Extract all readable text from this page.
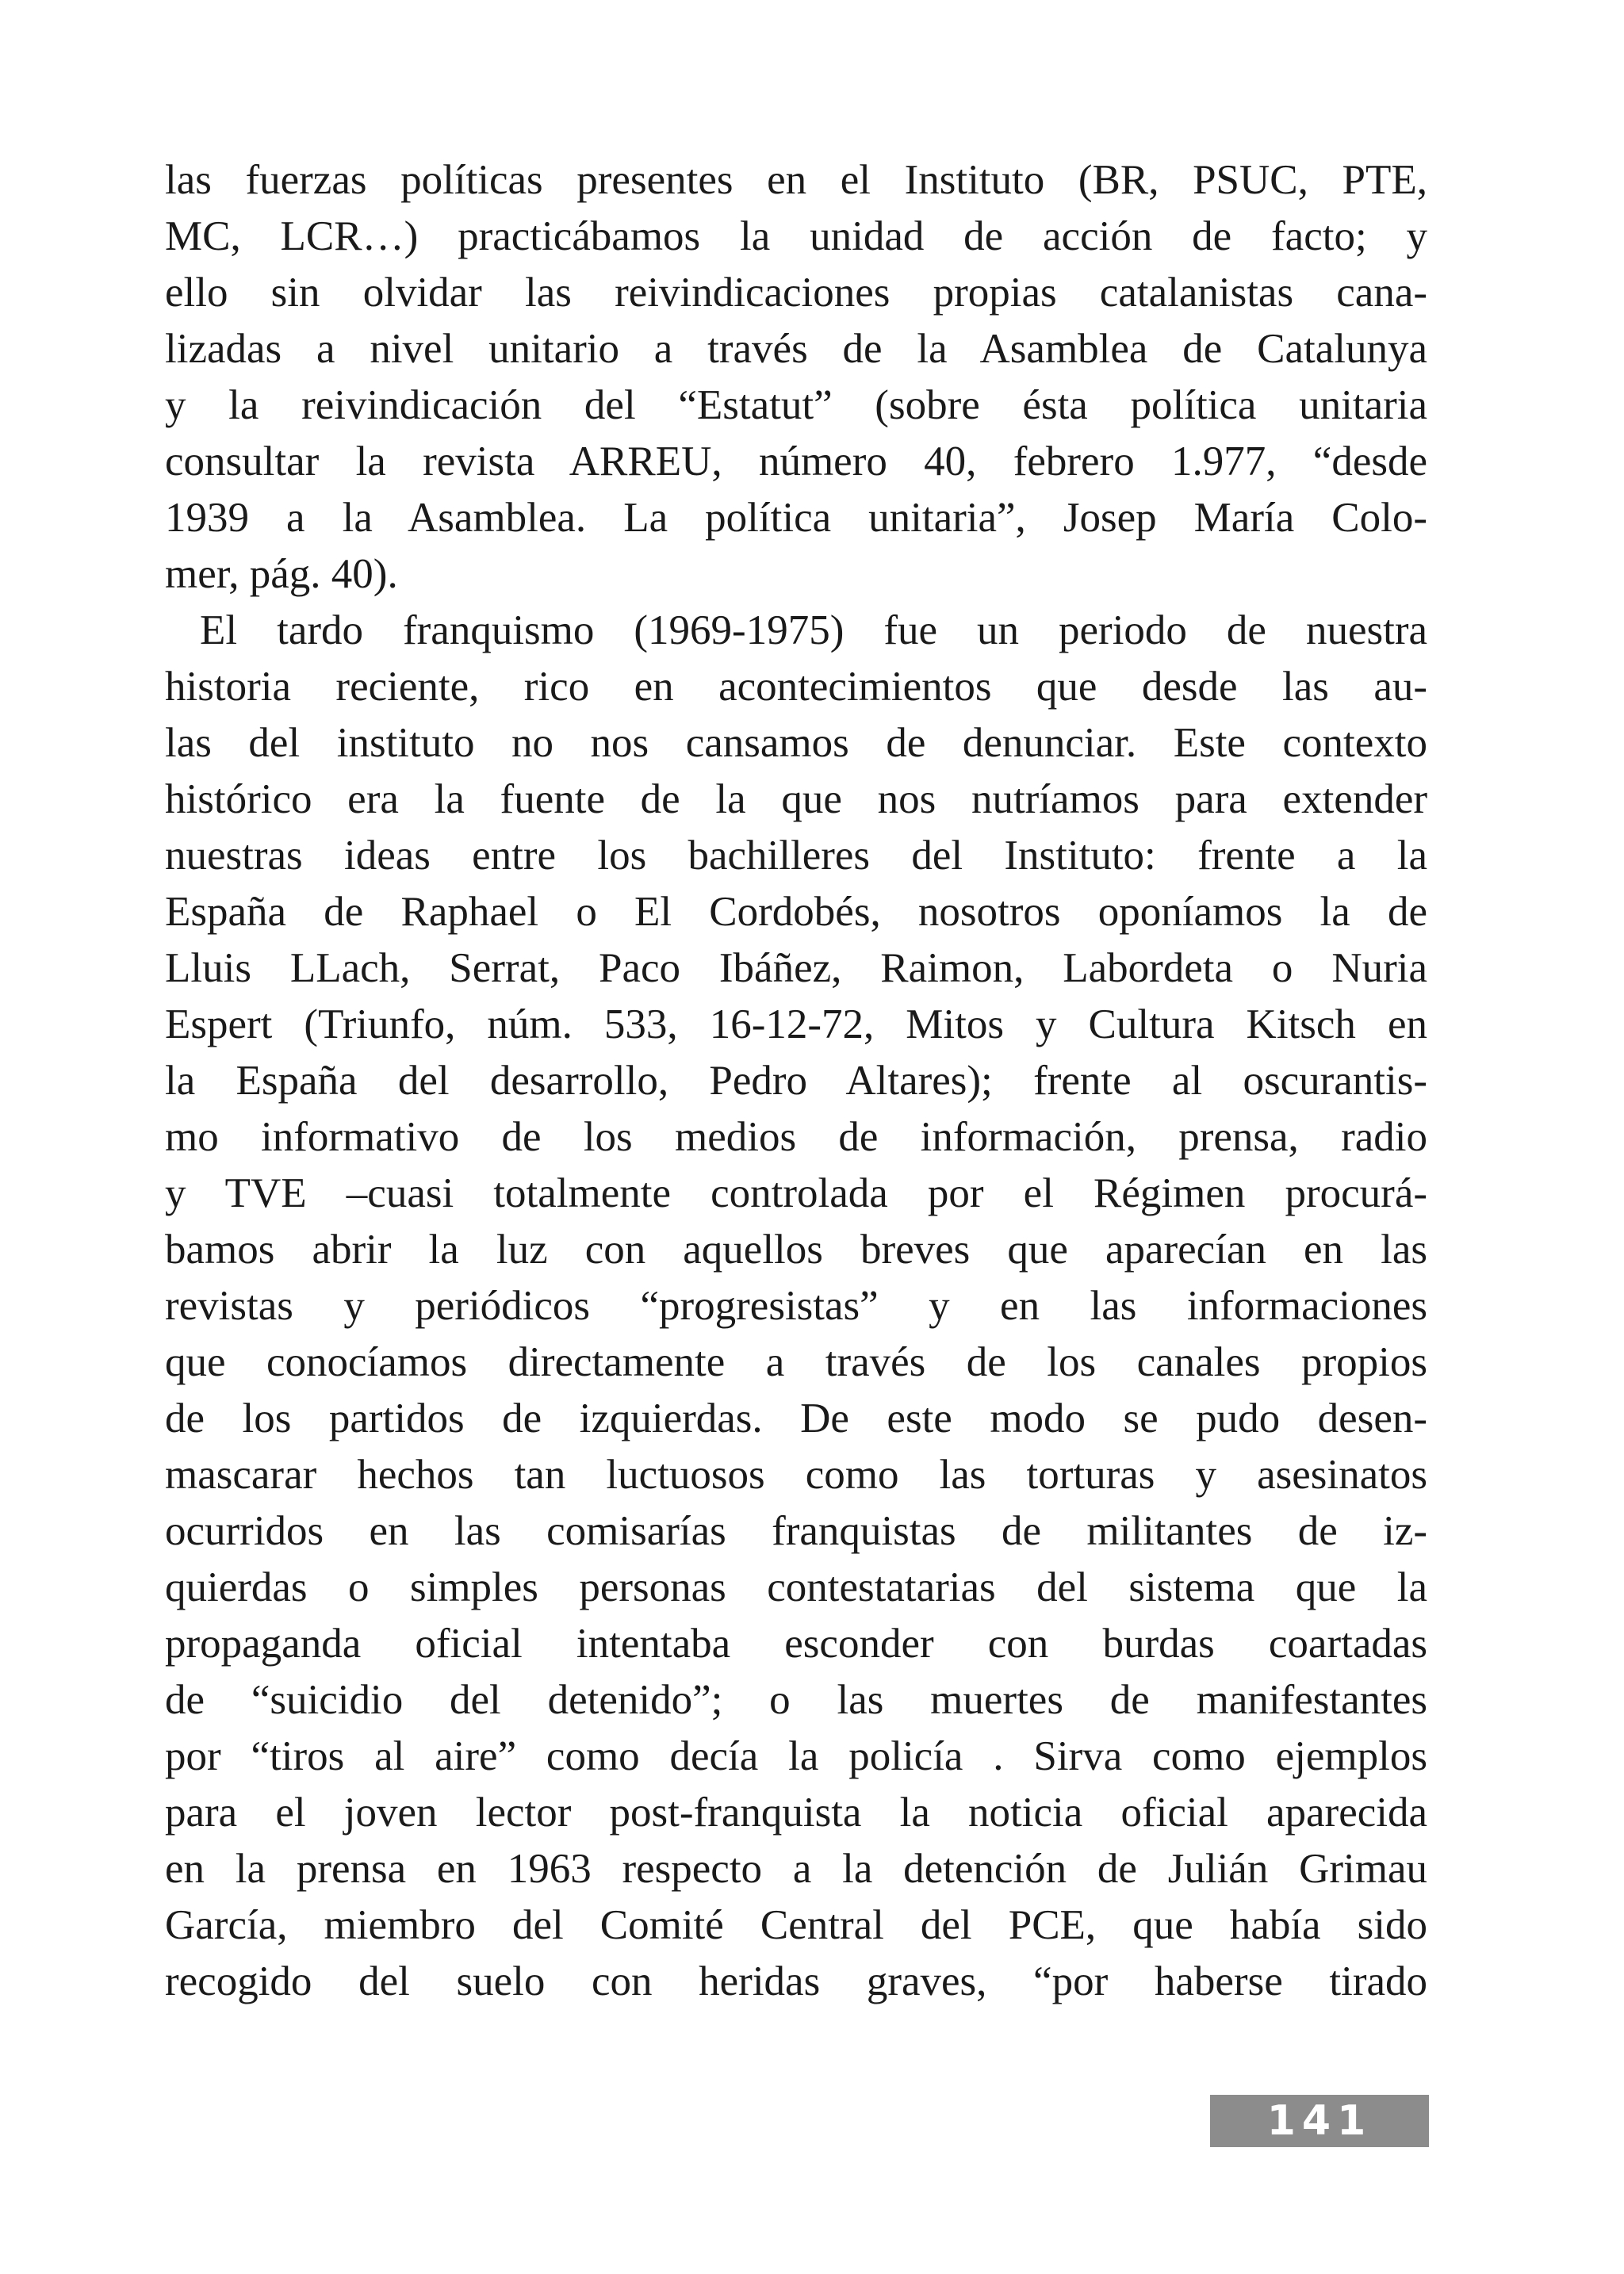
las fuerzas políticas presentes en el Instituto (BR, PSUC, PTE,
MC, LCR…) practicábamos la unidad de acción de facto; y
ello sin olvidar las reivindicaciones propias catalanistas cana-
lizadas a nivel unitario a través de la Asamblea de Catalunya
y la reivindicación del “Estatut” (sobre ésta política unitaria
consultar la revista ARREU, número 40, febrero 1.977, “desde
1939 a la Asamblea. La política unitaria”, Josep María Colo-
mer, pág. 40).
El tardo franquismo (1969-1975) fue un periodo de nuestra
historia reciente, rico en acontecimientos que desde las au-
las del instituto no nos cansamos de denunciar. Este contexto
histórico era la fuente de la que nos nutríamos para extender
nuestras ideas entre los bachilleres del Instituto: frente a la
España de Raphael o El Cordobés, nosotros oponíamos la de
Lluis LLach, Serrat, Paco Ibáñez, Raimon, Labordeta o Nuria
Espert (Triunfo, núm. 533, 16-12-72, Mitos y Cultura Kitsch en
la España del desarrollo, Pedro Altares); frente al oscurantis-
mo informativo de los medios de información, prensa, radio
y TVE –cuasi totalmente controlada por el Régimen procurá-
bamos abrir la luz con aquellos breves que aparecían en las
revistas y periódicos “progresistas” y en las informaciones
que conocíamos directamente a través de los canales propios
de los partidos de izquierdas. De este modo se pudo desen-
mascarar hechos tan luctuosos como las torturas y asesinatos
ocurridos en las comisarías franquistas de militantes de iz-
quierdas o simples personas contestatarias del sistema que la
propaganda oficial intentaba esconder con burdas coartadas
de “suicidio del detenido”; o las muertes de manifestantes
por “tiros al aire” como decía la policía . Sirva como ejemplos
para el joven lector post-franquista la noticia oficial aparecida
en la prensa en 1963 respecto a la detención de Julián Grimau
García, miembro del Comité Central del PCE, que había sido
recogido del suelo con heridas graves, “por haberse tirado
141
